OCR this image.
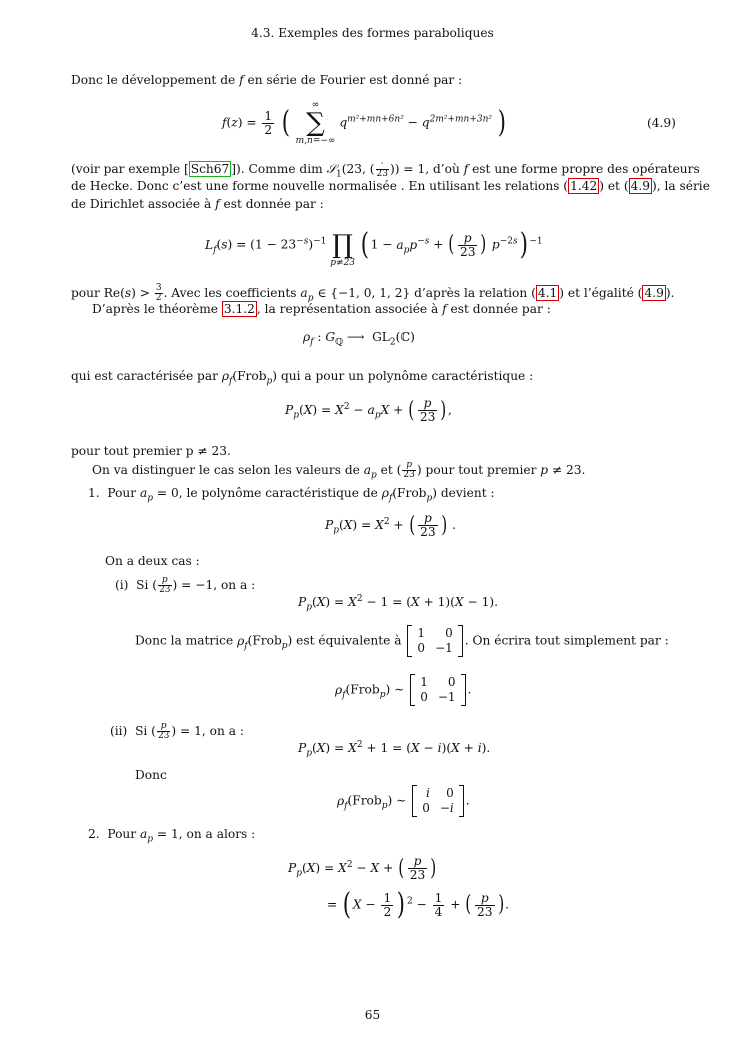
4.3. Exemples des formes paraboliques
Donc le développement de f en série de Fourier est donné par :
$f(z) = \frac{1}{2}$ (	∞
∑
m,n=−∞
$q^{m^2+mn+6n^2} - q^{2m^2+mn+3n^2}$ )	(4.9)
(voir par exemple [ Sch67 ]). Comme dim 𝒮$_1$(23, ( ·
23 )) = 1, d’où f est une forme propre des opérateurs
de Hecke. Donc c’est une forme nouvelle normalisée . En utilisant les relations ( 1.42 ) et ( 4.9 ), la série
de Dirichlet associée à f est donnée par :
$L_f(s) = (1 - 23^{-s})^{-1}$
∏
p≠23
( $1 - a_pp^{-s}$ + ( $\frac{p}{23}$ ) $p^{-2s}$) $^{-1}$
pour $Re(s) > \frac{3}{2}$ . Avec les coefficients $a_p$ ∈ {−1, 0, 1, 2} d’après la relation ( 4.1 ) et l’égalité ( 4.9 ).
D’après le théorème 3.1.2 , la représentation associée à f est donnée par :
$\rho_f$ : $G_ℚ$ ⟶  $GL_2(ℂ)$
qui est caractérisée par $\rho_f(Frob_p)$ qui a pour un polynôme caractéristique :
$P_p(X) = X^2 - a_pX$ + ( $\frac{p}{23}$ ),
pour tout premier p ≠ 23.
On va distinguer le cas selon les valeurs de $a_p$ et ( $\frac{p}{23}$ ) pour tout premier p ≠ 23.
1. Pour $a_p = 0$, le polynôme caractéristique de $\rho_f(Frob_p)$ devient :
$P_p(X) = X^2$ + ( $\frac{p}{23}$ ) .
On a deux cas :
(i) Si ( $\frac{p}{23}$ ) = −1, on a :
$P_p(X) = X^2 - 1 = (X + 1)(X - 1)$.
Donc la matrice $\rho_f(Frob_p)$ est équivalente à
1	0
0	−1
. On écrira tout simplement par :
$\rho_f(Frob_p)$ ∼
1	0
0	−1
.
(ii) Si ( $\frac{p}{23}$ ) = 1, on a :
$P_p(X) = X^2 + 1 = (X - i)(X + i)$.
Donc
$\rho_f(Frob_p)$ ∼
i	0
0	−i
.
2. Pour $a_p = 1$, on a alors :
$P_p(X) = X^2 - X$ + ( $\frac{p}{23}$ )
= ( $X - \frac{1}{2}$ ) $^2 - \frac{1}{4}$ + ( $\frac{p}{23}$ ).
65
